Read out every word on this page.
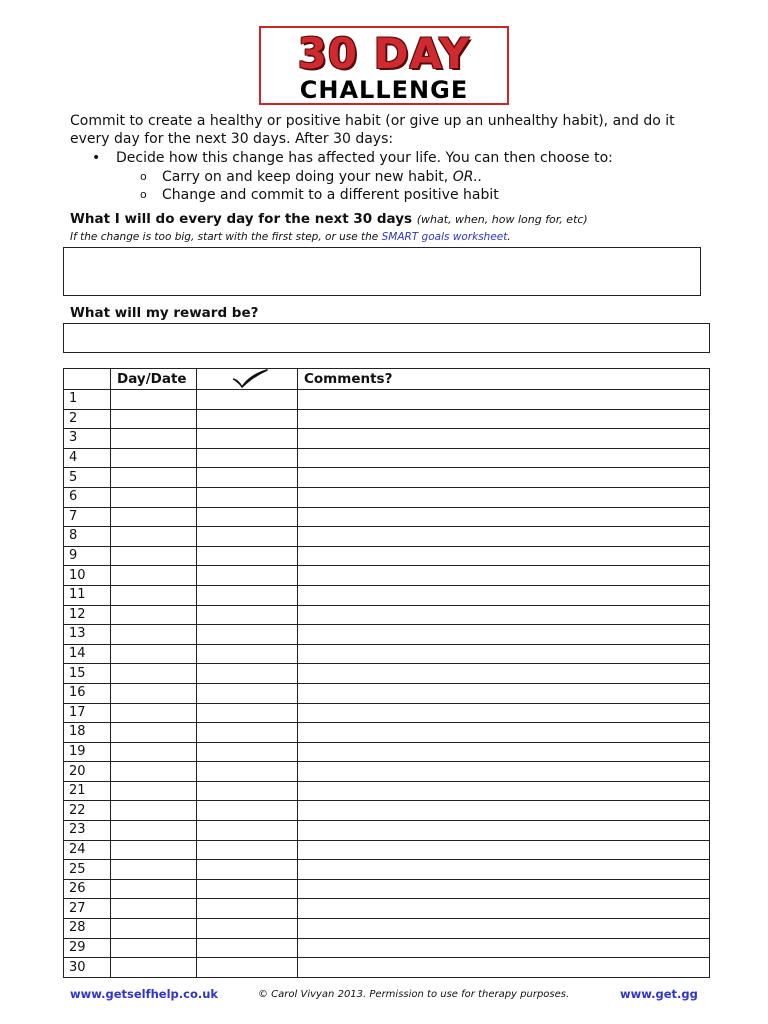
30 DAY
CHALLENGE
Commit to create a healthy or positive habit (or give up an unhealthy habit), and do it
every day for the next 30 days. After 30 days:
• Decide how this change has affected your life. You can then choose to:
o Carry on and keep doing your new habit, OR..
o Change and commit to a different positive habit
What I will do every day for the next 30 days (what, when, how long for, etc)
If the change is too big, start with the first step, or use the SMART goals worksheet.
What will my reward be?
	Day/Date		Comments?
1			
2			
3			
4			
5			
6			
7			
8			
9			
10			
11			
12			
13			
14			
15			
16			
17			
18			
19			
20			
21			
22			
23			
24			
25			
26			
27			
28			
29			
30			
www.getselfhelp.co.uk	© Carol Vivyan 2013. Permission to use for therapy purposes.	www.get.gg
